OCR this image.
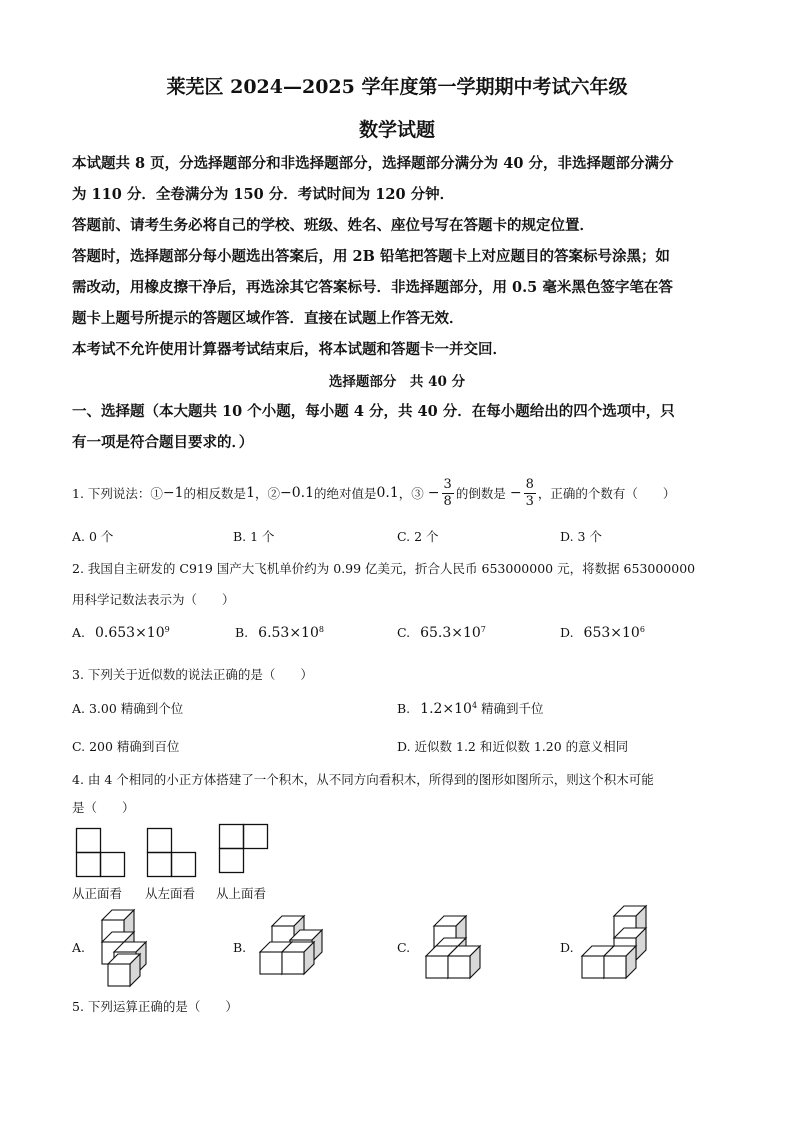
莱芜区 2024—2025 学年度第一学期期中考试六年级
数学试题
本试题共 8 页，分选择题部分和非选择题部分，选择题部分满分为 40 分，非选择题部分满分
为 110 分．全卷满分为 150 分．考试时间为 120 分钟．
答题前、请考生务必将自己的学校、班级、姓名、座位号写在答题卡的规定位置．
答题时，选择题部分每小题选出答案后，用 2B 铅笔把答题卡上对应题目的答案标号涂黑；如
需改动，用橡皮擦干净后，再选涂其它答案标号．非选择题部分，用 0.5 毫米黑色签字笔在答
题卡上题号所提示的答题区域作答．直接在试题上作答无效．
本考试不允许使用计算器考试结束后，将本试题和答题卡一并交回．
选择题部分　共 40 分
一、选择题（本大题共 10 个小题，每小题 4 分，共 40 分．在每小题给出的四个选项中，只
有一项是符合题目要求的．）
1. 下列说法：① −1 的相反数是 1 ，② −0.1 的绝对值是 0.1 ，③ − $\frac{3}{8}$ 的倒数是 − $\frac{8}{3}$ ，正确的个数有（　　）
A. 0 个	B. 1 个	C. 2 个	D. 3 个
2. 我国自主研发的 C919 国产大飞机单价约为 0.99 亿美元，折合人民币 653000000 元，将数据 653000000
用科学记数法表示为（　　）
A. $0.653\times 10^9$	B. $6.53\times 10^8$	C. $65.3\times 10^7$	D. $653\times 10^6$
3. 下列关于近似数的说法正确的是（　　）
A. 3.00 精确到个位	B. $1.2\times 10^4$ 精确到千位
C. 200 精确到百位	D. 近似数 1.2 和近似数 1.20 的意义相同
4. 由 4 个相同的小正方体搭建了一个积木，从不同方向看积木，所得到的图形如图所示，则这个积木可能
是（　　）
从正面看 从左面看 从上面看
A.	B.	C.	D.
5. 下列运算正确的是（　　）
